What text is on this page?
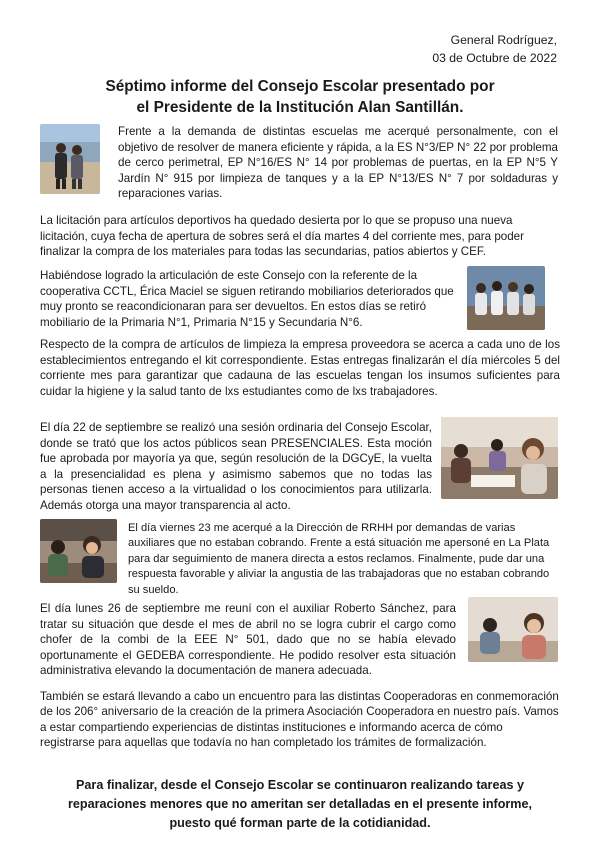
General Rodríguez,
03 de Octubre de 2022
Séptimo informe del Consejo Escolar presentado por
el Presidente de la Institución Alan Santillán.

Frente a la demanda de distintas escuelas me acerqué personalmente, con el objetivo de resolver de manera eficiente y rápida, a la ES N°3/EP N° 22 por problema de cerco perimetral, EP N°16/ES N° 14 por problemas de puertas, en la EP N°5 Y Jardín N° 915 por limpieza de tanques y a la EP N°13/ES N° 7 por soldaduras y reparaciones varias.

La licitación para artículos deportivos ha quedado desierta por lo que se propuso una nueva licitación, cuya fecha de apertura de sobres será el día martes 4 del corriente mes, para poder finalizar la compra de los materiales para todas las secundarias, patios abiertos y CEF.

Habiéndose logrado la articulación de este Consejo con la referente de la cooperativa CCTL, Érica Maciel se siguen retirando mobiliarios deteriorados que muy pronto se reacondicionaran para ser devueltos. En estos días se retiró mobiliario de la Primaria N°1, Primaria N°15 y Secundaria N°6.

Respecto de la compra de artículos de limpieza la empresa proveedora se acerca a cada uno de los establecimientos entregando el kit correspondiente. Estas entregas finalizarán el día miércoles 5 del corriente mes para garantizar que cadauna de las escuelas tengan los insumos suficientes para cuidar la higiene y la salud tanto de lxs estudiantes como de lxs trabajadores.

El día 22 de septiembre se realizó una sesión ordinaria del Consejo Escolar, donde se trató que los actos públicos sean PRESENCIALES. Esta moción fue aprobada por mayoría ya que, según resolución de la DGCyE, la vuelta a la presencialidad es plena y asimismo sabemos que no todas las personas tienen acceso a la virtualidad o los conocimientos para utilizarla. Además otorga una mayor transparencia al acto.

El día viernes 23 me acerqué a la Dirección de RRHH por demandas de varias auxiliares que no estaban cobrando. Frente a está situación me apersoné en La Plata para dar seguimiento de manera directa a estos reclamos. Finalmente, pude dar una respuesta favorable y aliviar la angustia de las trabajadoras que no estaban cobrando su sueldo.

El día lunes 26 de septiembre me reuní con el auxiliar Roberto Sánchez, para tratar su situación que desde el mes de abril no se logra cubrir el cargo como chofer de la combi de la EEE N° 501, dado que no se había elevado oportunamente el GEDEBA correspondiente. He podido resolver esta situación administrativa elevando la documentación de manera adecuada.

También se estará llevando a cabo un encuentro para las distintas Cooperadoras en conmemoración de los 206° aniversario de la creación de la primera Asociación Cooperadora en nuestro país. Vamos a estar compartiendo experiencias de distintas instituciones e informando acerca de cómo registrarse para aquellas que todavía no han completado los trámites de formalización.

Para finalizar, desde el Consejo Escolar se continuaron realizando tareas y reparaciones menores que no ameritan ser detalladas en el presente informe, puesto qué forman parte de la cotidianidad.
